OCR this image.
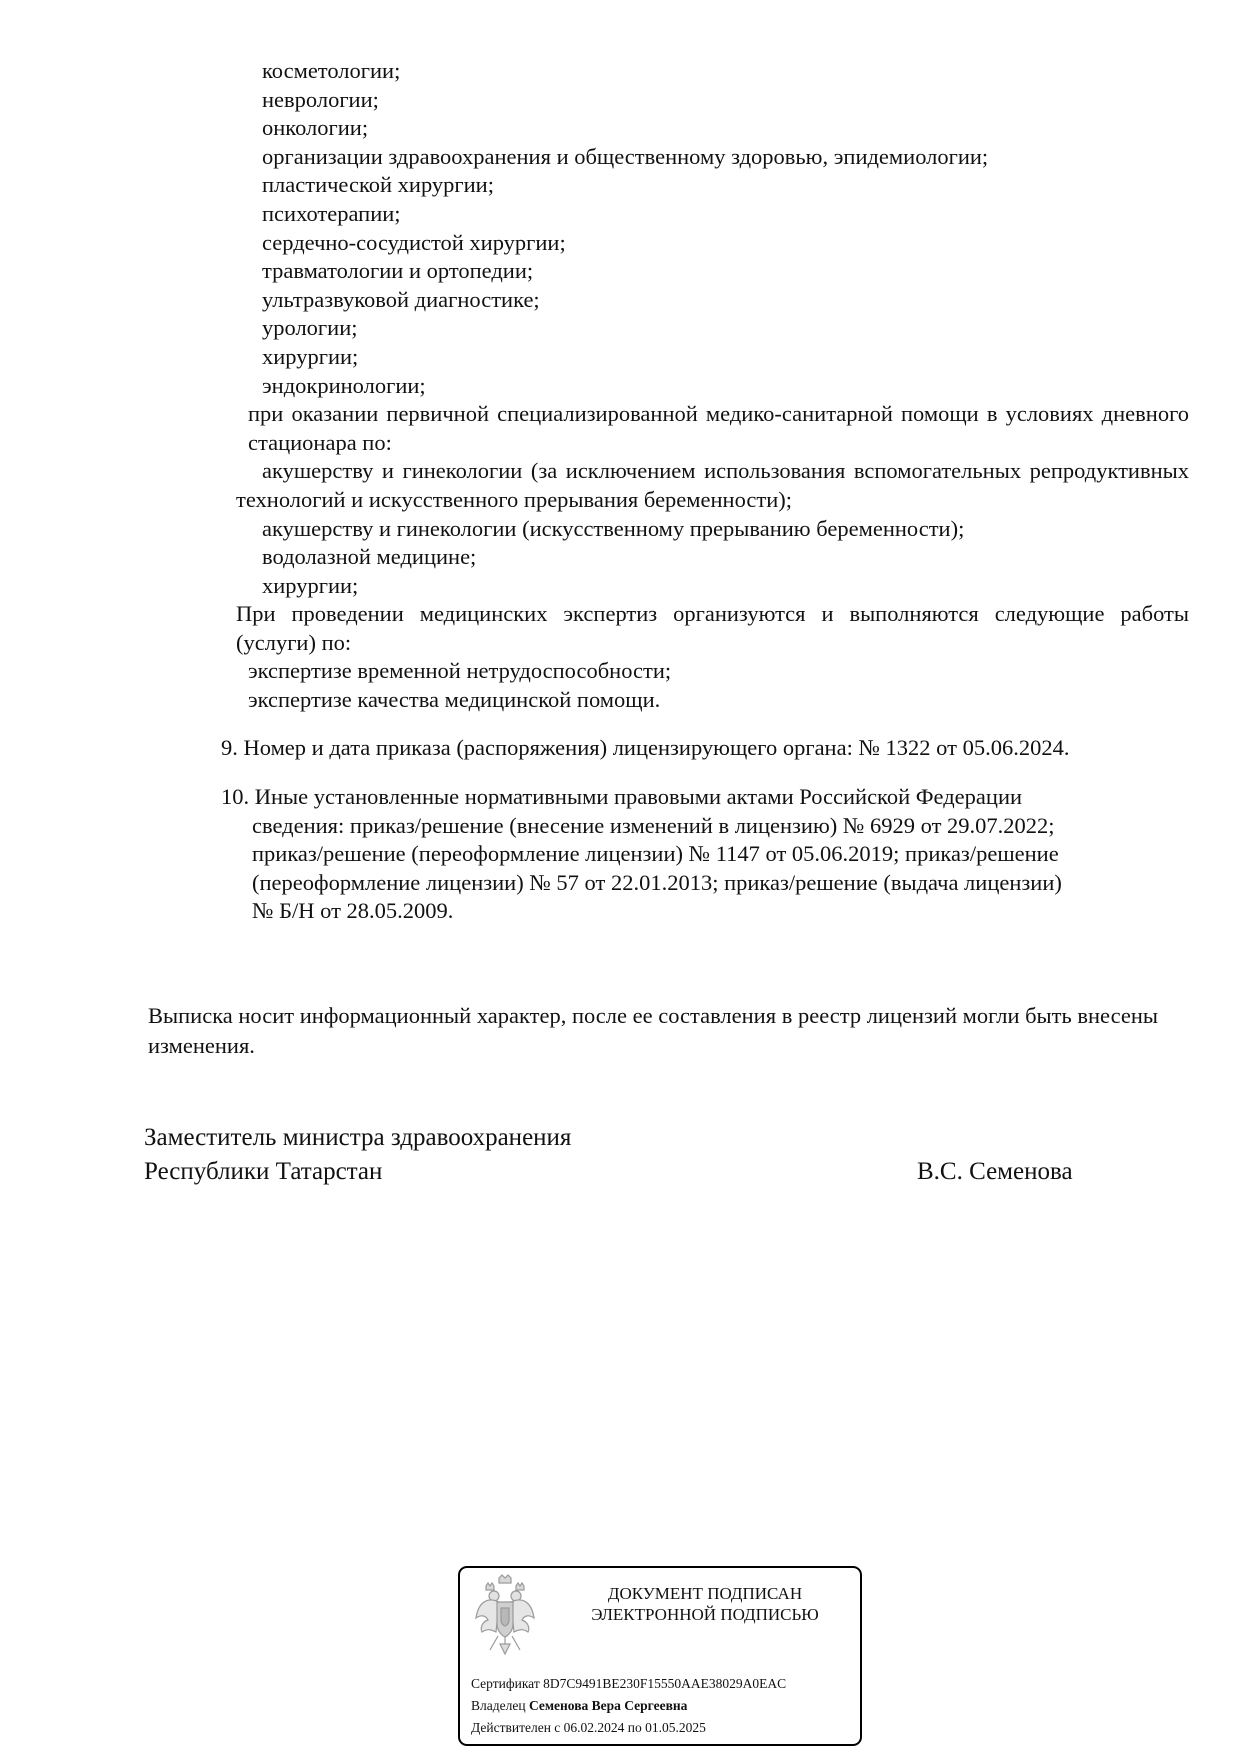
косметологии;
неврологии;
онкологии;
организации здравоохранения и общественному здоровью, эпидемиологии;
пластической хирургии;
психотерапии;
сердечно-сосудистой хирургии;
травматологии и ортопедии;
ультразвуковой диагностике;
урологии;
хирургии;
эндокринологии;
при оказании первичной специализированной медико-санитарной помощи в условиях дневного стационара по:
акушерству и гинекологии (за исключением использования вспомогательных репродуктивных технологий и искусственного прерывания беременности);
акушерству и гинекологии (искусственному прерыванию беременности);
водолазной медицине;
хирургии;
При проведении медицинских экспертиз организуются и выполняются следующие работы (услуги) по:
экспертизе временной нетрудоспособности;
экспертизе качества медицинской помощи.
9. Номер и дата приказа (распоряжения) лицензирующего органа: № 1322 от 05.06.2024.
10. Иные установленные нормативными правовыми актами Российской Федерации
сведения: приказ/решение (внесение изменений в лицензию) № 6929 от 29.07.2022;
приказ/решение (переоформление лицензии) № 1147 от 05.06.2019; приказ/решение
(переоформление лицензии) № 57 от 22.01.2013; приказ/решение (выдача лицензии)
№ Б/Н от 28.05.2009.
Выписка носит информационный характер, после ее составления в реестр лицензий могли быть внесены изменения.
Заместитель министра здравоохранения
Республики Татарстан	В.С. Семенова
ДОКУМЕНТ ПОДПИСАН
ЭЛЕКТРОННОЙ ПОДПИСЬЮ
Сертификат 8D7C9491BE230F15550AAE38029A0EAC
Владелец Семенова Вера Сергеевна
Действителен с 06.02.2024 по 01.05.2025
